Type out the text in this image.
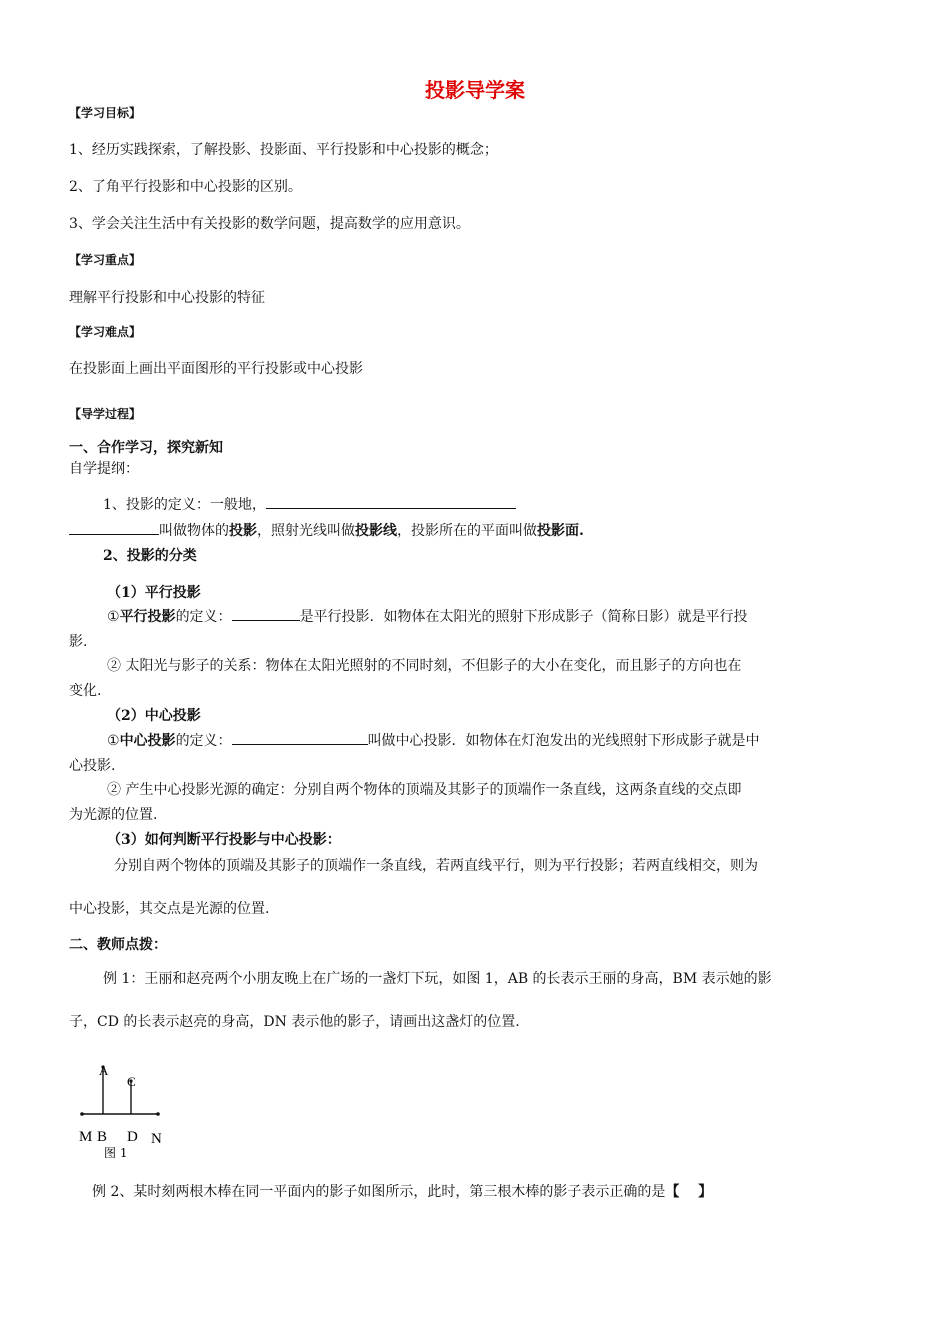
投影导学案
【学习目标】
1、经历实践探索，了解投影、投影面、平行投影和中心投影的概念；
2、了角平行投影和中心投影的区别。
3、学会关注生活中有关投影的数学问题，提高数学的应用意识。
【学习重点】
理解平行投影和中心投影的特征
【学习难点】
在投影面上画出平面图形的平行投影或中心投影
【导学过程】
一、合作学习，探究新知
自学提纲：
1、投影的定义：一般地，
叫做物体的投影，照射光线叫做投影线，投影所在的平面叫做投影面.
2、投影的分类
（1）平行投影
①平行投影的定义：	是平行投影．如物体在太阳光的照射下形成影子（简称日影）就是平行投
影.
② 太阳光与影子的关系：物体在太阳光照射的不同时刻，不但影子的大小在变化，而且影子的方向也在
变化.
（2）中心投影
①中心投影的定义：	叫做中心投影．如物体在灯泡发出的光线照射下形成影子就是中
心投影.
② 产生中心投影光源的确定：分别自两个物体的顶端及其影子的顶端作一条直线，这两条直线的交点即
为光源的位置.
（3）如何判断平行投影与中心投影：
分别自两个物体的顶端及其影子的顶端作一条直线，若两直线平行，则为平行投影；若两直线相交，则为
中心投影，其交点是光源的位置.
二、教师点拨：
例 1：王丽和赵亮两个小朋友晚上在广场的一盏灯下玩，如图 1，AB 的长表示王丽的身高，BM 表示她的影
子，CD 的长表示赵亮的身高，DN 表示他的影子，请画出这盏灯的位置.
A
C
M B D N
图 1
例 2、某时刻两根木棒在同一平面内的影子如图所示，此时，第三根木棒的影子表示正确的是【　 】
